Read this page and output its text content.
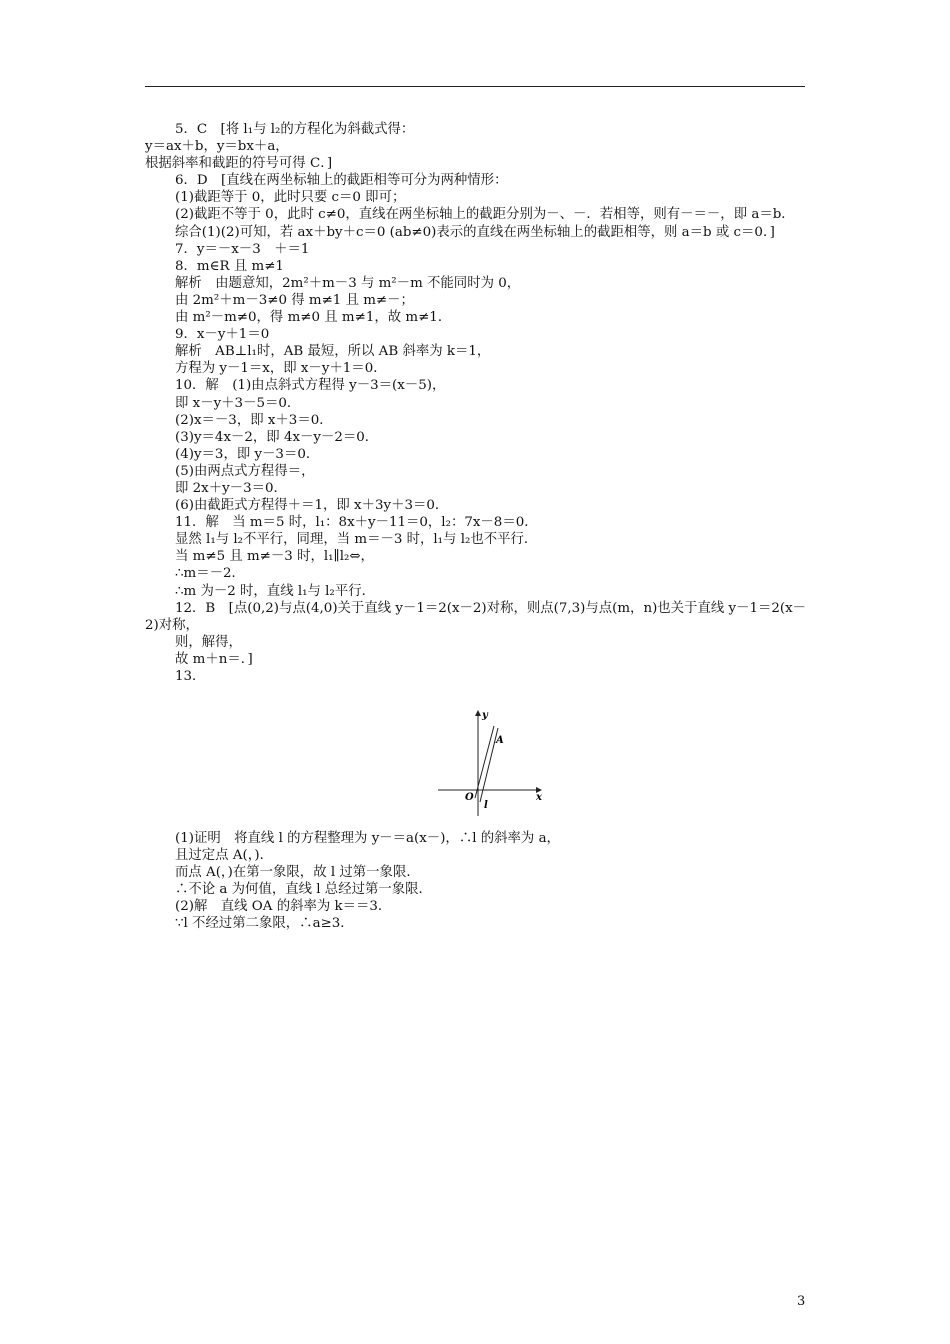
5．C　[将 l₁与 l₂的方程化为斜截式得：
y＝ax＋b，y＝bx＋a，
根据斜率和截距的符号可得 C．]
6．D　[直线在两坐标轴上的截距相等可分为两种情形：
(1)截距等于 0，此时只要 c＝0 即可；
(2)截距不等于 0，此时 c≠0，直线在两坐标轴上的截距分别为－、－．若相等，则有－＝－，即 a＝b．
综合(1)(2)可知，若 ax＋by＋c＝0 (ab≠0)表示的直线在两坐标轴上的截距相等，则 a＝b 或 c＝0．]
7．y＝－x－3　＋＝1
8．m∈R 且 m≠1
解析　由题意知，2m²＋m－3 与 m²－m 不能同时为 0，
由 2m²＋m－3≠0 得 m≠1 且 m≠－；
由 m²－m≠0，得 m≠0 且 m≠1，故 m≠1．
9．x－y＋1＝0
解析　AB⊥l₁时，AB 最短，所以 AB 斜率为 k＝1，
方程为 y－1＝x，即 x－y＋1＝0．
10．解　(1)由点斜式方程得 y－3＝(x－5)，
即 x－y＋3－5＝0．
(2)x＝－3，即 x＋3＝0．
(3)y＝4x－2，即 4x－y－2＝0．
(4)y＝3，即 y－3＝0．
(5)由两点式方程得＝，
即 2x＋y－3＝0．
(6)由截距式方程得＋＝1，即 x＋3y＋3＝0．
11．解　当 m＝5 时，l₁：8x＋y－11＝0，l₂：7x－8＝0．
显然 l₁与 l₂不平行，同理，当 m＝－3 时，l₁与 l₂也不平行．
当 m≠5 且 m≠－3 时，l₁∥l₂⇔，
∴m＝－2．
∴m 为－2 时，直线 l₁与 l₂平行．
12．B　[点(0,2)与点(4,0)关于直线 y－1＝2(x－2)对称，则点(7,3)与点(m，n)也关于直线 y－1＝2(x－2)对称，
则，解得，
故 m＋n＝．]
13．
y
x
O
A
l
(1)证明　将直线 l 的方程整理为 y－＝a(x－)，∴l 的斜率为 a，
且过定点 A(，)．
而点 A(，)在第一象限，故 l 过第一象限．
∴不论 a 为何值，直线 l 总经过第一象限．
(2)解　直线 OA 的斜率为 k＝＝3．
∵l 不经过第二象限，∴a≥3．
3
